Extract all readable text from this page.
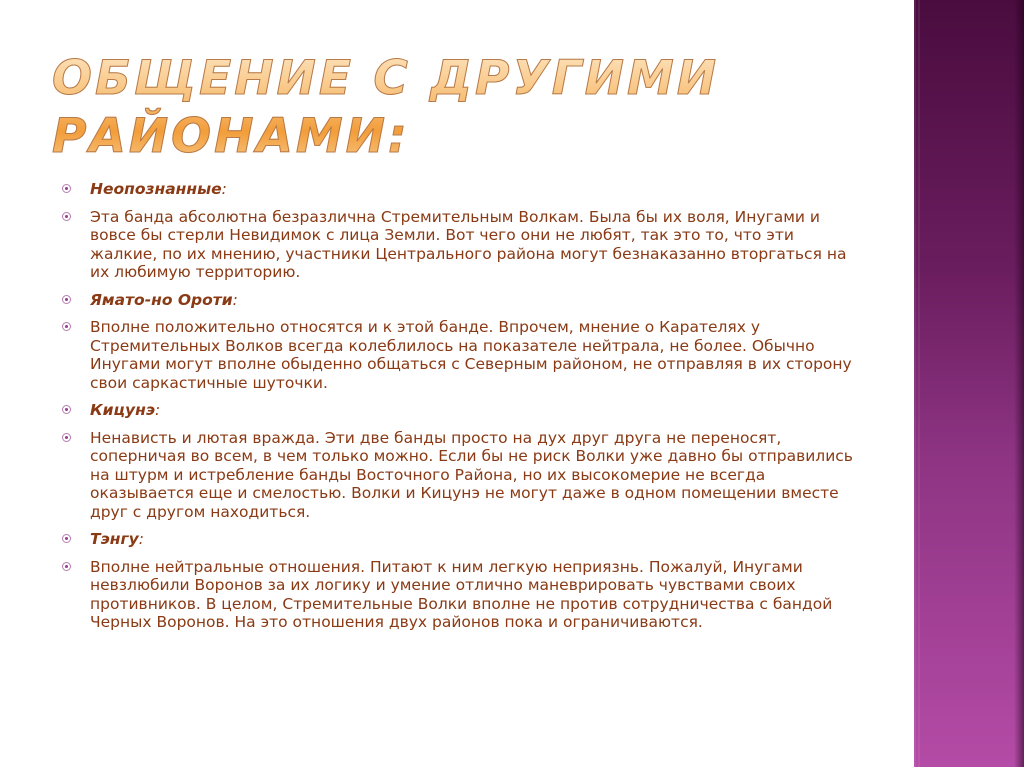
ОБЩЕНИЕ С ДРУГИМИ РАЙОНАМИ:
Неопознанные:
Эта банда абсолютна безразлична Стремительным Волкам. Была бы их воля, Инугами и вовсе бы стерли Невидимок с лица Земли. Вот чего они не любят, так это то, что эти жалкие, по их мнению, участники Центрального района могут безнаказанно вторгаться на их любимую территорию.
Ямато-но Ороти:
Вполне положительно относятся и к этой банде. Впрочем, мнение о Карателях у Стремительных Волков всегда колеблилось на показателе нейтрала, не более. Обычно Инугами могут вполне обыденно общаться с Северным районом, не отправляя в их сторону свои саркастичные шуточки.
Кицунэ:
Ненависть и лютая вражда. Эти две банды просто на дух друг друга не переносят, соперничая во всем, в чем только можно. Если бы не риск Волки уже давно бы отправились на штурм и истребление банды Восточного Района, но их высокомерие не всегда оказывается еще и смелостью. Волки и Кицунэ не могут даже в одном помещении вместе друг с другом находиться.
Тэнгу:
Вполне нейтральные отношения. Питают к ним легкую неприязнь. Пожалуй, Инугами невзлюбили Воронов за их логику и умение отлично маневрировать чувствами своих противников. В целом, Стремительные Волки вполне не против сотрудничества с бандой Черных Воронов. На это отношения двух районов пока и ограничиваются.
